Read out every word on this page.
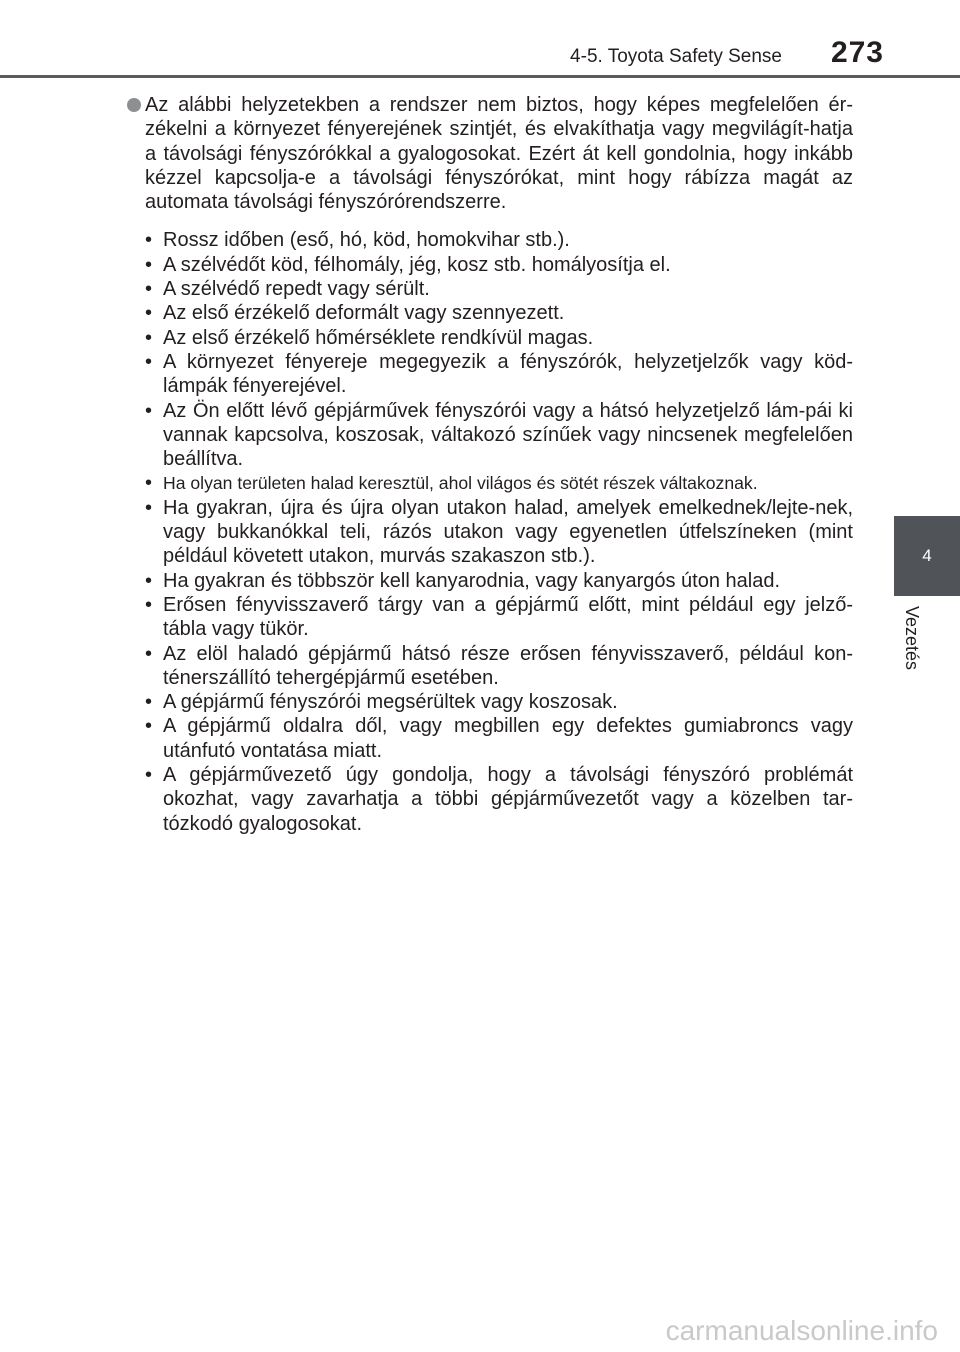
4-5. Toyota Safety Sense 273
4
Vezetés

Az alábbi helyzetekben a rendszer nem biztos, hogy képes megfelelően ér-zékelni a környezet fényerejének szintjét, és elvakíthatja vagy megvilágít-hatja a távolsági fényszórókkal a gyalogosokat. Ezért át kell gondolnia, hogy inkább kézzel kapcsolja-e a távolsági fényszórókat, mint hogy rábízza magát az automata távolsági fényszórórendszerre.

• Rossz időben (eső, hó, köd, homokvihar stb.).
• A szélvédőt köd, félhomály, jég, kosz stb. homályosítja el.
• A szélvédő repedt vagy sérült.
• Az első érzékelő deformált vagy szennyezett.
• Az első érzékelő hőmérséklete rendkívül magas.
• A környezet fényereje megegyezik a fényszórók, helyzetjelzők vagy köd-lámpák fényerejével.
• Az Ön előtt lévő gépjárművek fényszórói vagy a hátsó helyzetjelző lám-pái ki vannak kapcsolva, koszosak, váltakozó színűek vagy nincsenek megfelelően beállítva.
• Ha olyan területen halad keresztül, ahol világos és sötét részek váltakoznak.
• Ha gyakran, újra és újra olyan utakon halad, amelyek emelkednek/lejte-nek, vagy bukkanókkal teli, rázós utakon vagy egyenetlen útfelszíneken (mint például követett utakon, murvás szakaszon stb.).
• Ha gyakran és többször kell kanyarodnia, vagy kanyargós úton halad.
• Erősen fényvisszaverő tárgy van a gépjármű előtt, mint például egy jelző-tábla vagy tükör.
• Az elöl haladó gépjármű hátsó része erősen fényvisszaverő, például kon-ténerszállító tehergépjármű esetében.
• A gépjármű fényszórói megsérültek vagy koszosak.
• A gépjármű oldalra dől, vagy megbillen egy defektes gumiabroncs vagy utánfutó vontatása miatt.
• A gépjárművezető úgy gondolja, hogy a távolsági fényszóró problémát okozhat, vagy zavarhatja a többi gépjárművezetőt vagy a közelben tar-tózkodó gyalogosokat.
carmanualsonline.info
